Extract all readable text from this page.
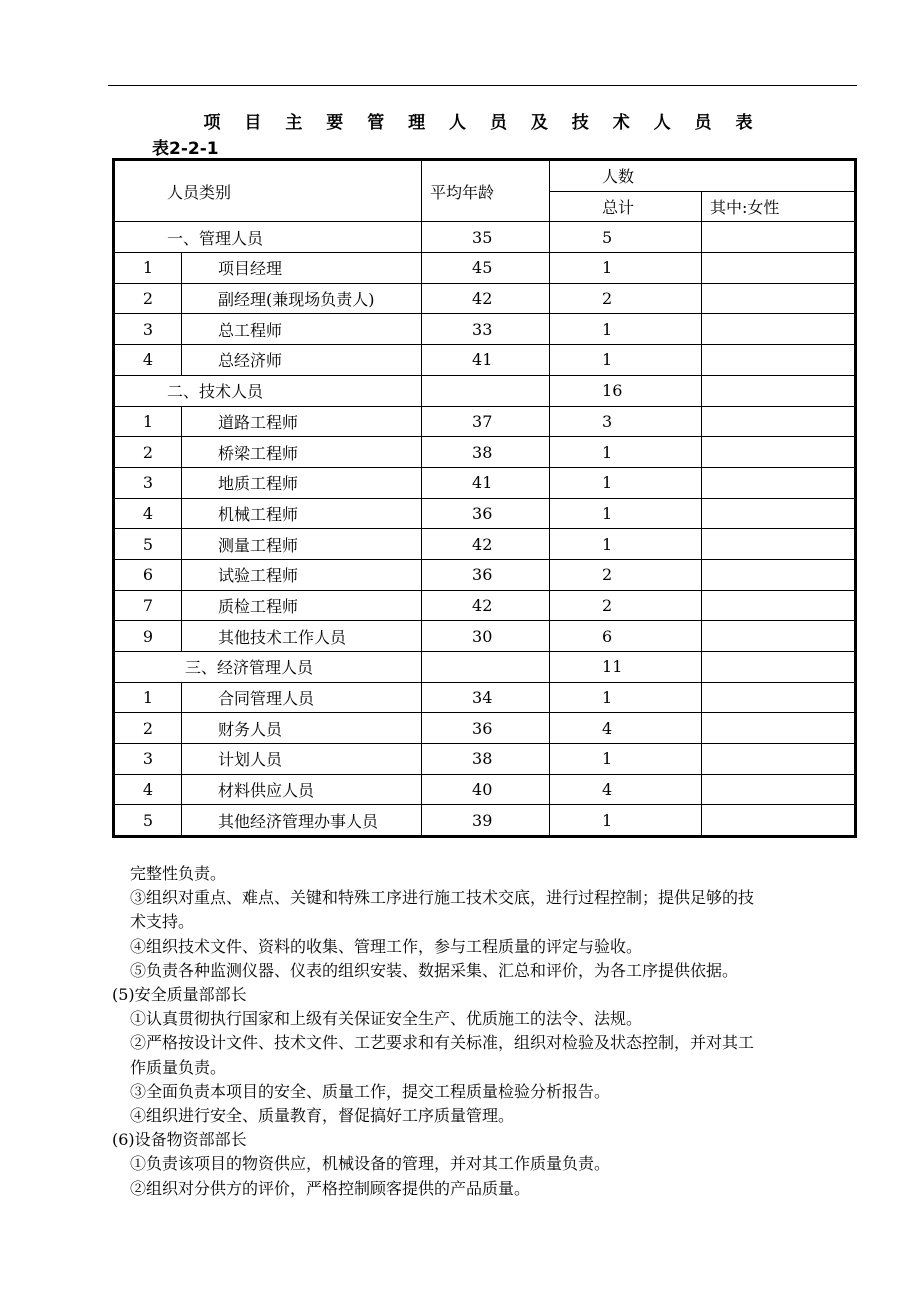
项 目 主 要 管 理 人 员 及 技 术 人 员 表
表2-2-1
人员类别		平均年龄	人数	
			总计	其中:女性
一、管理人员		35	5	
1	项目经理	45	1	
2	副经理(兼现场负责人)	42	2	
3	总工程师	33	1	
4	总经济师	41	1	
二、技术人员			16	
1	道路工程师	37	3	
2	桥梁工程师	38	1	
3	地质工程师	41	1	
4	机械工程师	36	1	
5	测量工程师	42	1	
6	试验工程师	36	2	
7	质检工程师	42	2	
9	其他技术工作人员	30	6	
三、经济管理人员			11	
1	合同管理人员	34	1	
2	财务人员	36	4	
3	计划人员	38	1	
4	材料供应人员	40	4	
5	其他经济管理办事人员	39	1	

完整性负责。

③组织对重点、难点、关键和特殊工序进行施工技术交底，进行过程控制；提供足够的技

术支持。

④组织技术文件、资料的收集、管理工作，参与工程质量的评定与验收。

⑤负责各种监测仪器、仪表的组织安装、数据采集、汇总和评价，为各工序提供依据。

(5)安全质量部部长

①认真贯彻执行国家和上级有关保证安全生产、优质施工的法令、法规。

②严格按设计文件、技术文件、工艺要求和有关标准，组织对检验及状态控制，并对其工

作质量负责。

③全面负责本项目的安全、质量工作，提交工程质量检验分析报告。

④组织进行安全、质量教育，督促搞好工序质量管理。

(6)设备物资部部长

①负责该项目的物资供应，机械设备的管理，并对其工作质量负责。

②组织对分供方的评价，严格控制顾客提供的产品质量。
